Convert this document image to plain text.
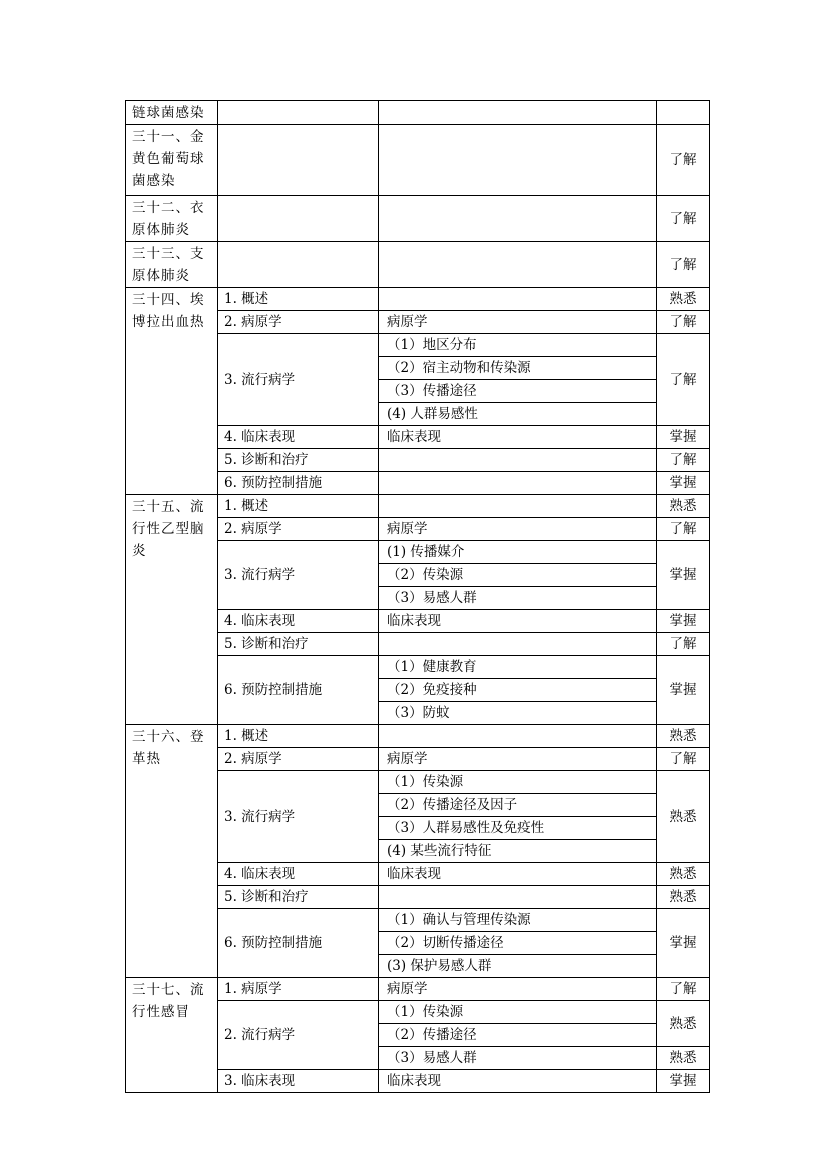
链球菌感染			
三十一、金黄色葡萄球菌感染			了解
三十二、衣原体肺炎			了解
三十三、支原体肺炎			了解
三十四、埃博拉出血热	1. 概述		熟悉
	2. 病原学	病原学	了解
	3. 流行病学	（1）地区分布	了解
		（2）宿主动物和传染源	
		（3）传播途径	
		(4) 人群易感性	
	4. 临床表现	临床表现	掌握
	5. 诊断和治疗		了解
	6. 预防控制措施		掌握
三十五、流行性乙型脑炎	1. 概述		熟悉
	2. 病原学	病原学	了解
	3. 流行病学	(1) 传播媒介	掌握
		（2）传染源	
		（3）易感人群	
	4. 临床表现	临床表现	掌握
	5. 诊断和治疗		了解
	6. 预防控制措施	（1）健康教育	掌握
		（2）免疫接种	
		（3）防蚊	
三十六、登革热	1. 概述		熟悉
	2. 病原学	病原学	了解
	3. 流行病学	（1）传染源	熟悉
		（2）传播途径及因子	
		（3）人群易感性及免疫性	
		(4) 某些流行特征	
	4. 临床表现	临床表现	熟悉
	5. 诊断和治疗		熟悉
	6. 预防控制措施	（1）确认与管理传染源	掌握
		（2）切断传播途径	
		(3) 保护易感人群	
三十七、流行性感冒	1. 病原学	病原学	了解
	2. 流行病学	（1）传染源	熟悉
		（2）传播途径	
		（3）易感人群	熟悉
	3. 临床表现	临床表现	掌握
